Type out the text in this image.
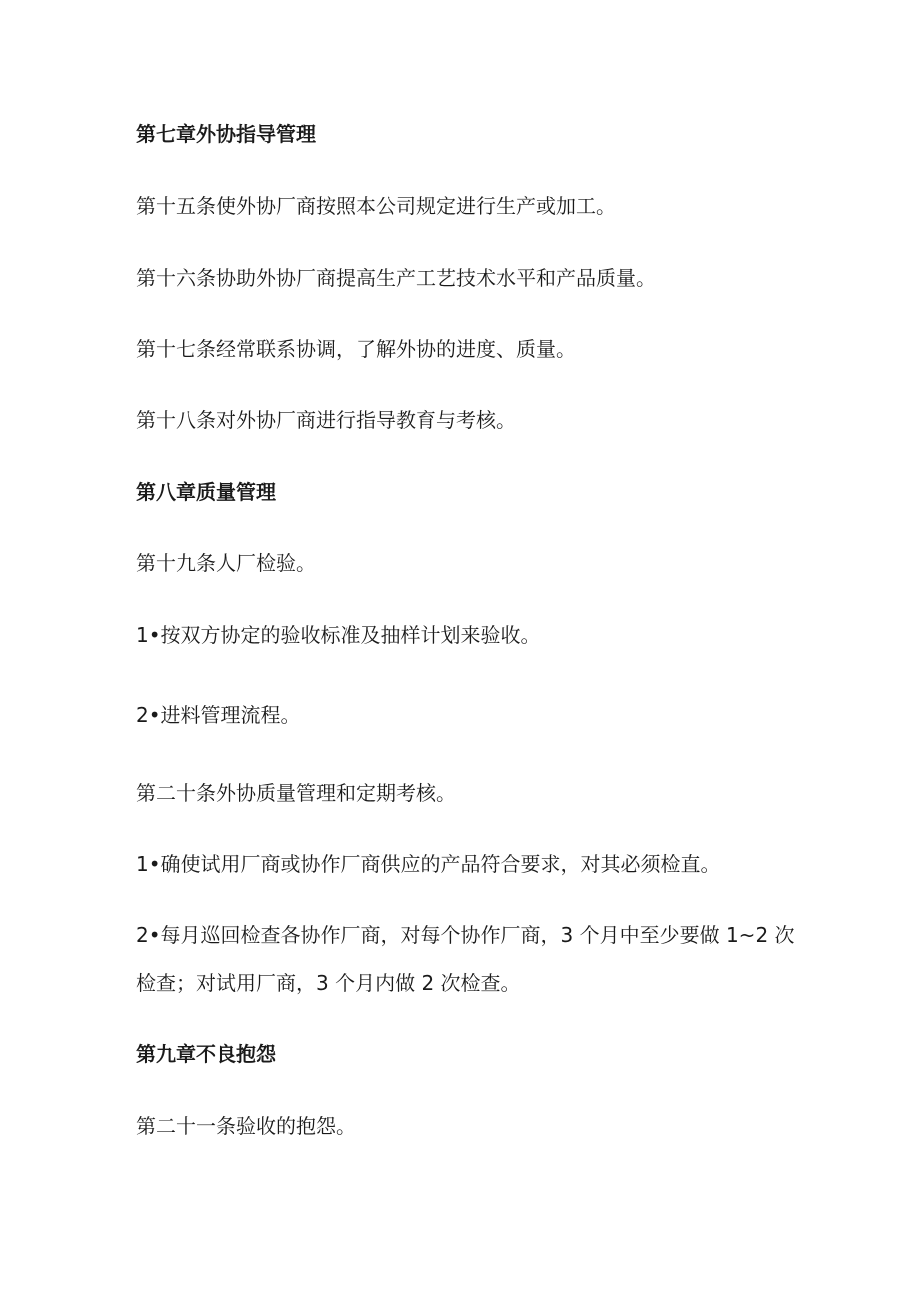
第七章外协指导管理

第十五条使外协厂商按照本公司规定进行生产或加工。

第十六条协助外协厂商提高生产工艺技术水平和产品质量。

第十七条经常联系协调，了解外协的进度、质量。

第十八条对外协厂商进行指导教育与考核。

第八章质量管理

第十九条人厂检验。

1•按双方协定的验收标准及抽样计划来验收。

2•进料管理流程。

第二十条外协质量管理和定期考核。

1•确使试用厂商或协作厂商供应的产品符合要求，对其必须检直。

2•每月巡回检查各协作厂商，对每个协作厂商，3 个月中至少要做 1~2 次

检查；对试用厂商，3 个月内做 2 次检查。

第九章不良抱怨

第二十一条验收的抱怨。
